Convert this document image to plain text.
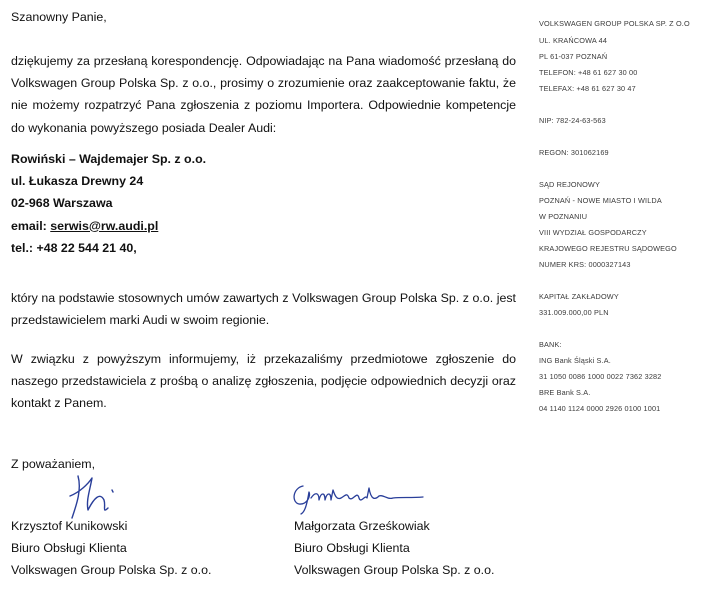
Szanowny Panie,
dziękujemy za przesłaną korespondencję. Odpowiadając na Pana wiadomość przesłaną do Volkswagen Group Polska Sp. z o.o., prosimy o zrozumienie oraz zaakceptowanie faktu, że nie możemy rozpatrzyć Pana zgłoszenia z poziomu Importera. Odpowiednie kompetencje do wykonania powyższego posiada Dealer Audi:
Rowiński – Wajdemajer Sp. z o.o.
ul. Łukasza Drewny 24
02-968 Warszawa
email: serwis@rw.audi.pl
tel.: +48 22 544 21 40,
który na podstawie stosownych umów zawartych z Volkswagen Group Polska Sp. z o.o. jest przedstawicielem marki Audi w swoim regionie.
W związku z powyższym informujemy, iż przekazaliśmy przedmiotowe zgłoszenie do naszego przedstawiciela z prośbą o analizę zgłoszenia, podjęcie odpowiednich decyzji oraz kontakt z Panem.
Z poważaniem,
Krzysztof Kunikowski
Biuro Obsługi Klienta
Volkswagen Group Polska Sp. z o.o.
Małgorzata Grześkowiak
Biuro Obsługi Klienta
Volkswagen Group Polska Sp. z o.o.
VOLKSWAGEN GROUP POLSKA SP. Z O.O
UL. KRAŃCOWA 44
PL 61-037 POZNAŃ
TELEFON: +48 61 627 30 00
TELEFAX: +48 61 627 30 47
NIP: 782-24-63-563
REGON: 301062169
SĄD REJONOWY
POZNAŃ - NOWE MIASTO I WILDA
W POZNANIU
VIII WYDZIAŁ GOSPODARCZY
KRAJOWEGO REJESTRU SĄDOWEGO
NUMER KRS: 0000327143
KAPITAŁ ZAKŁADOWY
331.009.000,00 PLN
BANK:
ING Bank Śląski S.A.
31 1050 0086 1000 0022 7362 3282
BRE Bank S.A.
04 1140 1124 0000 2926 0100 1001
